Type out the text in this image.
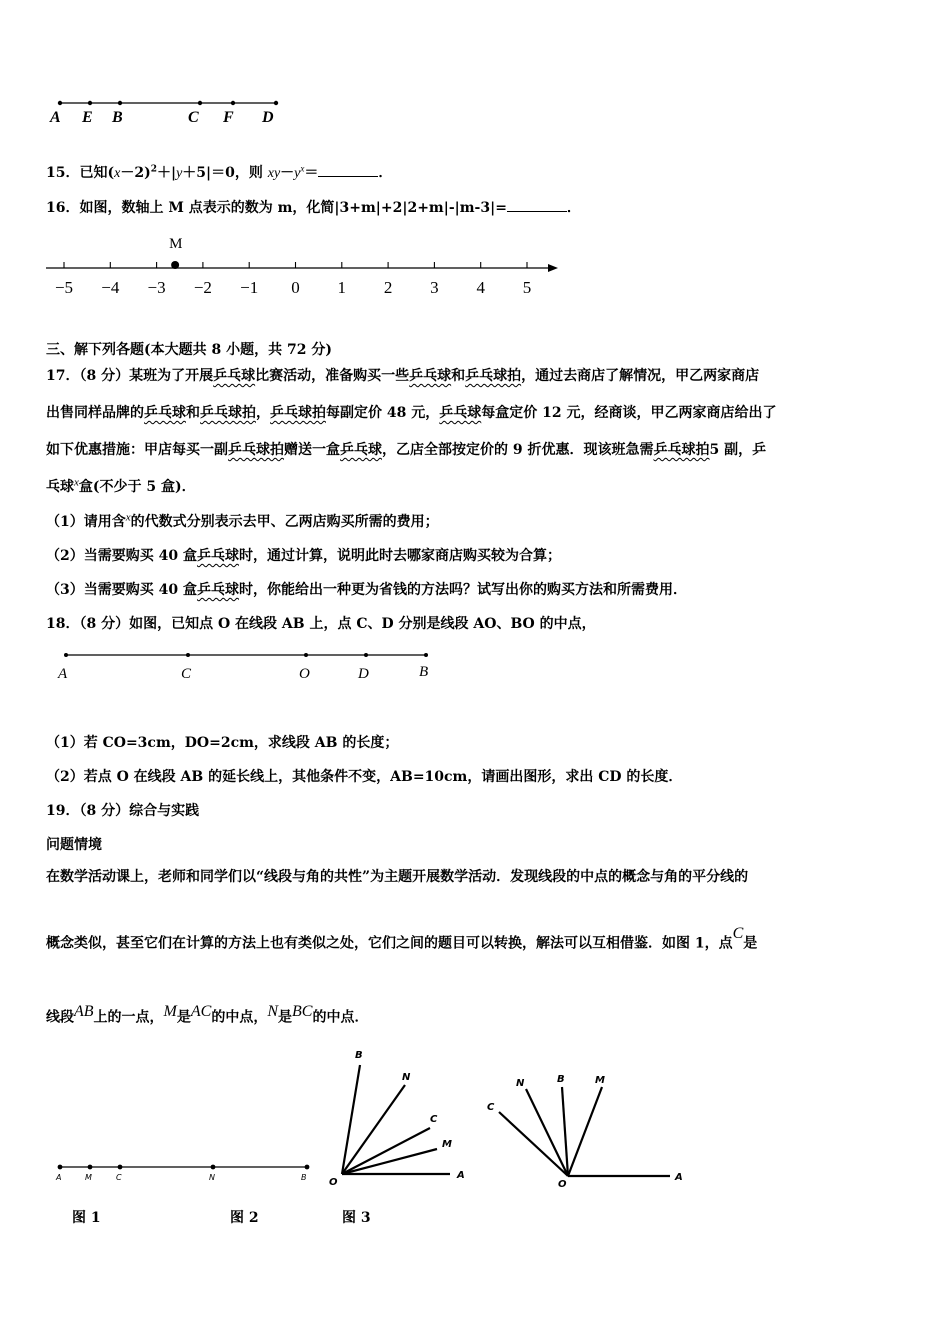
A E B	C F D
15．已知$(x-2)^2+|y+5|=0$，则 $xy-y^x=$	．
16．如图，数轴上 M 点表示的数为 m，化简|3+m|+2|2+m|-|m-3|=	．
−5 −4 −3 −2 −1 0 1 2 3 4 5
M
三、解下列各题(本大题共 8 小题，共 72 分)
17．（8 分）某班为了开展乒乓球比赛活动，准备购买一些乒乓球和乒乓球拍，通过去商店了解情况，甲乙两家商店
出售同样品牌的乒乓球和乒乓球拍，乒乓球拍每副定价 48 元，乒乓球每盒定价 12 元，经商谈，甲乙两家商店给出了
如下优惠措施：甲店每买一副乒乓球拍赠送一盒乒乓球，乙店全部按定价的 9 折优惠．现该班急需乒乓球拍5 副，乒
乓球$^x$盒(不少于 5 盒)．
（1）请用含$^x$的代数式分别表示去甲、乙两店购买所需的费用；
（2）当需要购买 40 盒乒乓球时，通过计算，说明此时去哪家商店购买较为合算；
（3）当需要购买 40 盒乒乓球时，你能给出一种更为省钱的方法吗？试写出你的购买方法和所需费用．
18．（8 分）如图，已知点 O 在线段 AB 上，点 C、D 分别是线段 AO、BO 的中点，
A	C	O	D	B
（1）若 CO=3cm，DO=2cm，求线段 AB 的长度；
（2）若点 O 在线段 AB 的延长线上，其他条件不变，AB=10cm，请画出图形，求出 CD 的长度．
19．（8 分）综合与实践
问题情境
在数学活动课上，老师和同学们以“线段与角的共性”为主题开展数学活动．发现线段的中点的概念与角的平分线的
概念类似，甚至它们在计算的方法上也有类似之处，它们之间的题目可以转换，解法可以互相借鉴．如图 1，点$^C$是
线段$^{AB}$上的一点，$^M$是$^{AC}$的中点，$^N$是$^{BC}$的中点．
A	M	C	N	B
B
N
C
M
O
A
N	B	M
C
O
A
图 1	图 2	图 3
